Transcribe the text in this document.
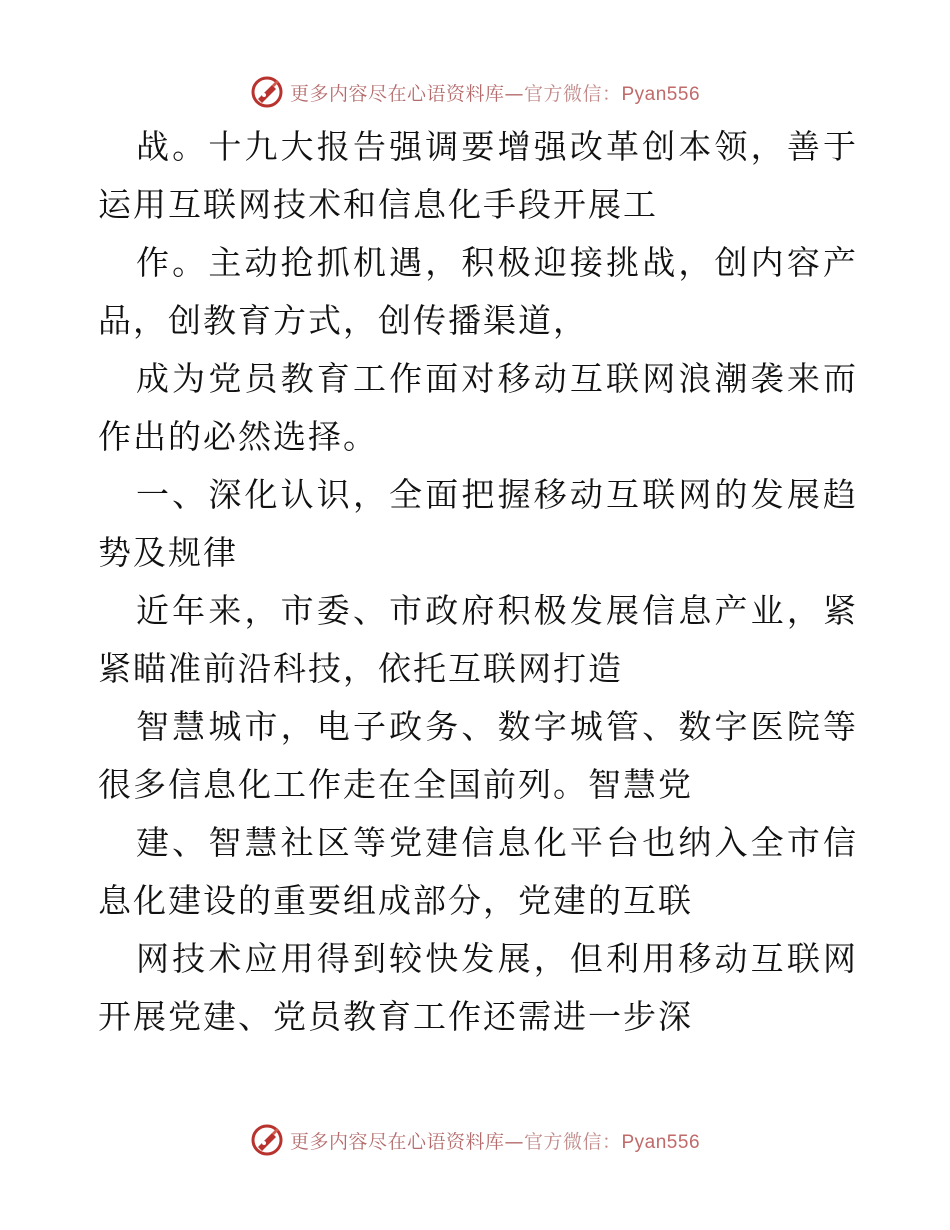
更多内容尽在心语资料库—官方微信：Pyan556

战。十九大报告强调要增强改革创本领，善于运用互联网技术和信息化手段开展工

作。主动抢抓机遇，积极迎接挑战，创内容产品，创教育方式，创传播渠道，

成为党员教育工作面对移动互联网浪潮袭来而作出的必然选择。

一、深化认识，全面把握移动互联网的发展趋势及规律

近年来，市委、市政府积极发展信息产业，紧紧瞄准前沿科技，依托互联网打造

智慧城市，电子政务、数字城管、数字医院等很多信息化工作走在全国前列。智慧党

建、智慧社区等党建信息化平台也纳入全市信息化建设的重要组成部分，党建的互联

网技术应用得到较快发展，但利用移动互联网开展党建、党员教育工作还需进一步深

更多内容尽在心语资料库—官方微信：Pyan556
